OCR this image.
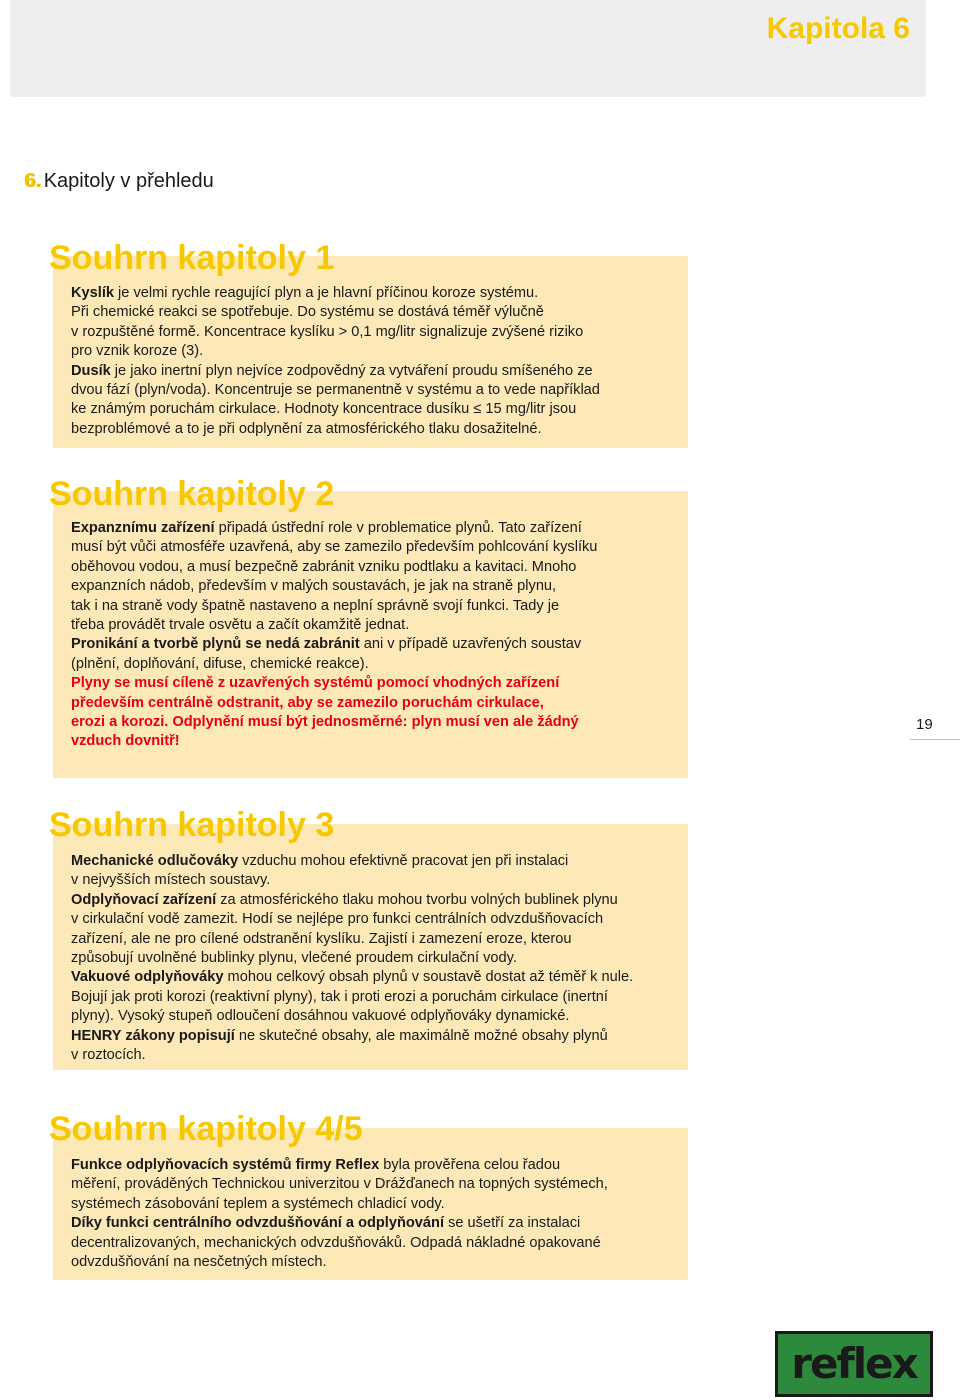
Kapitola 6
6. Kapitoly v přehledu
Souhrn kapitoly 1

Kyslík je velmi rychle reagující plyn a je hlavní příčinou koroze systému.

Při chemické reakci se spotřebuje. Do systému se dostává téměř výlučně

v rozpuštěné formě. Koncentrace kyslíku > 0,1 mg/litr signalizuje zvýšené riziko

pro vznik koroze (3).

Dusík je jako inertní plyn nejvíce zodpovědný za vytváření proudu smíšeného ze

dvou fází (plyn/voda). Koncentruje se permanentně v systému a to vede například

ke známým poruchám cirkulace. Hodnoty koncentrace dusíku ≤ 15 mg/litr jsou

bezproblémové a to je při odplynění za atmosférického tlaku dosažitelné.

Souhrn kapitoly 2

Expanznímu zařízení připadá ústřední role v problematice plynů. Tato zařízení

musí být vůči atmosféře uzavřená, aby se zamezilo především pohlcování kyslíku

oběhovou vodou, a musí bezpečně zabránit vzniku podtlaku a kavitaci. Mnoho

expanzních nádob, především v malých soustavách, je jak na straně plynu,

tak i na straně vody špatně nastaveno a neplní správně svojí funkci. Tady je

třeba provádět trvale osvětu a začít okamžitě jednat.

Pronikání a tvorbě plynů se nedá zabránit ani v případě uzavřených soustav

(plnění, doplňování, difuse, chemické reakce).

Plyny se musí cíleně z uzavřených systémů pomocí vhodných zařízení

především centrálně odstranit, aby se zamezilo poruchám cirkulace,

erozi a korozi. Odplynění musí být jednosměrné: plyn musí ven ale žádný

vzduch dovnitř!

Souhrn kapitoly 3

Mechanické odlučováky vzduchu mohou efektivně pracovat jen při instalaci

v nejvyšších místech soustavy.

Odplyňovací zařízení za atmosférického tlaku mohou tvorbu volných bublinek plynu

v cirkulační vodě zamezit. Hodí se nejlépe pro funkci centrálních odvzdušňovacích

zařízení, ale ne pro cílené odstranění kyslíku. Zajistí i zamezení eroze, kterou

způsobují uvolněné bublinky plynu, vlečené proudem cirkulační vody.

Vakuové odplyňováky mohou celkový obsah plynů v soustavě dostat až téměř k nule.

Bojují jak proti korozi (reaktivní plyny), tak i proti erozi a poruchám cirkulace (inertní

plyny). Vysoký stupeň odloučení dosáhnou vakuové odplyňováky dynamické.

HENRY zákony popisují ne skutečné obsahy, ale maximálně možné obsahy plynů

v roztocích.

Souhrn kapitoly 4/5

Funkce odplyňovacích systémů firmy Reflex byla prověřena celou řadou

měření, prováděných Technickou univerzitou v Drážďanech na topných systémech,

systémech zásobování teplem a systémech chladicí vody.

Díky funkci centrálního odvzdušňování a odplyňování se ušetří za instalaci

decentralizovaných, mechanických odvzdušňováků. Odpadá nákladné opakované

odvzdušňování na nesčetných místech.

19
reflex
